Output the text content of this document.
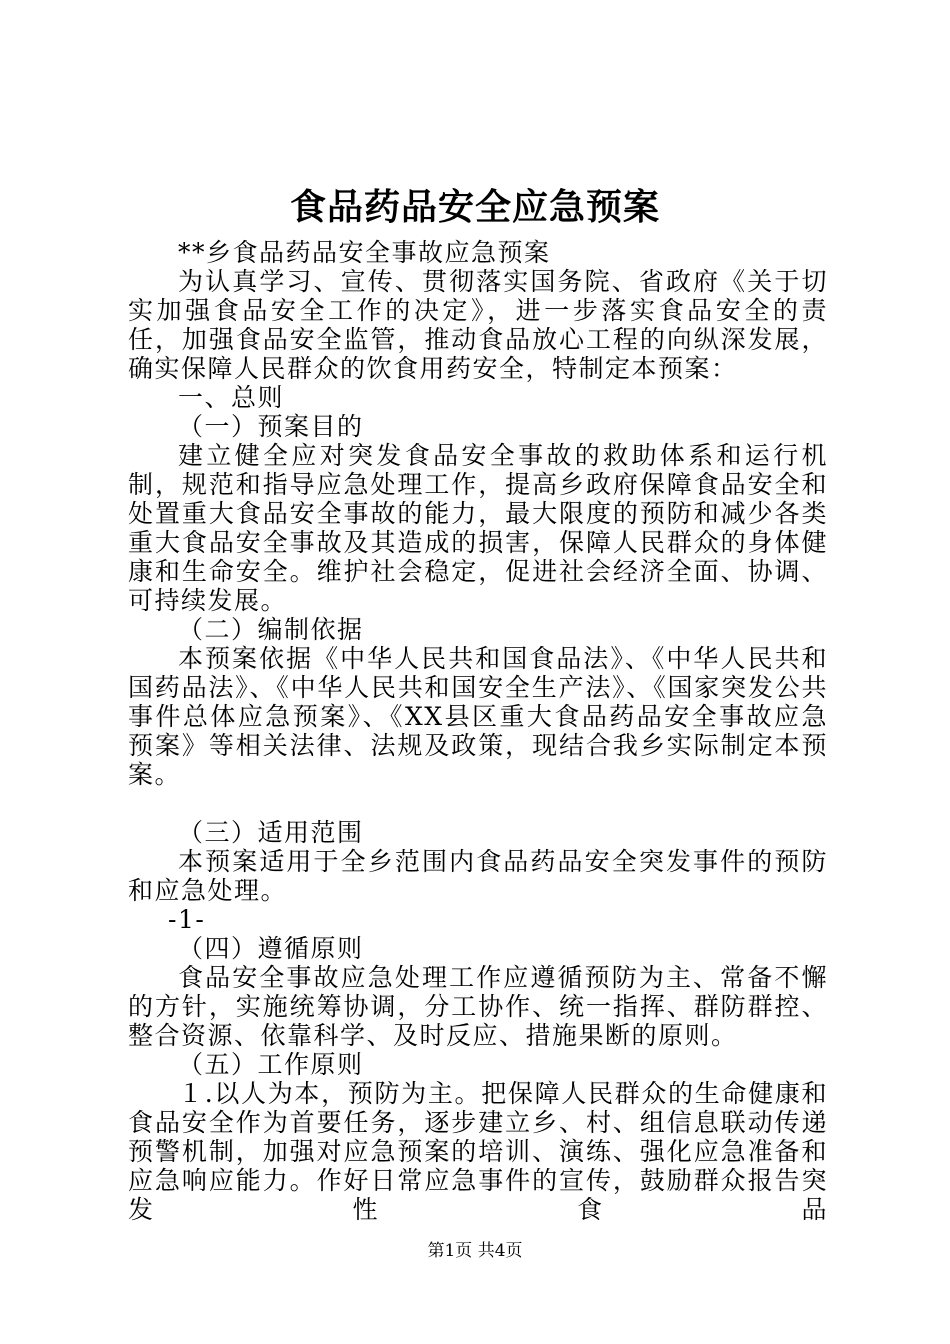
食品药品安全应急预案

**乡食品药品安全事故应急预案

为认真学习、宣传、贯彻落实国务院、省政府《关于切实加强食品安全工作的决定》，进一步落实食品安全的责任，加强食品安全监管，推动食品放心工程的向纵深发展，确实保障人民群众的饮食用药安全，特制定本预案：

一、总则

（一）预案目的

建立健全应对突发食品安全事故的救助体系和运行机制，规范和指导应急处理工作，提高乡政府保障食品安全和处置重大食品安全事故的能力，最大限度的预防和减少各类重大食品安全事故及其造成的损害，保障人民群众的身体健康和生命安全。维护社会稳定，促进社会经济全面、协调、可持续发展。

（二）编制依据

本预案依据《中华人民共和国食品法》、《中华人民共和国药品法》、《中华人民共和国安全生产法》、《国家突发公共事件总体应急预案》、《XX县区重大食品药品安全事故应急预案》等相关法律、法规及政策，现结合我乡实际制定本预案。

（三）适用范围

本预案适用于全乡范围内食品药品安全突发事件的预防和应急处理。

-1-

（四）遵循原则

食品安全事故应急处理工作应遵循预防为主、常备不懈的方针，实施统筹协调，分工协作、统一指挥、群防群控、整合资源、依靠科学、及时反应、措施果断的原则。

（五）工作原则

１.以人为本，预防为主。把保障人民群众的生命健康和食品安全作为首要任务，逐步建立乡、村、组信息联动传递预警机制，加强对应急预案的培训、演练、强化应急准备和应急响应能力。作好日常应急事件的宣传，鼓励群众报告突发性食品

第1页 共4页
